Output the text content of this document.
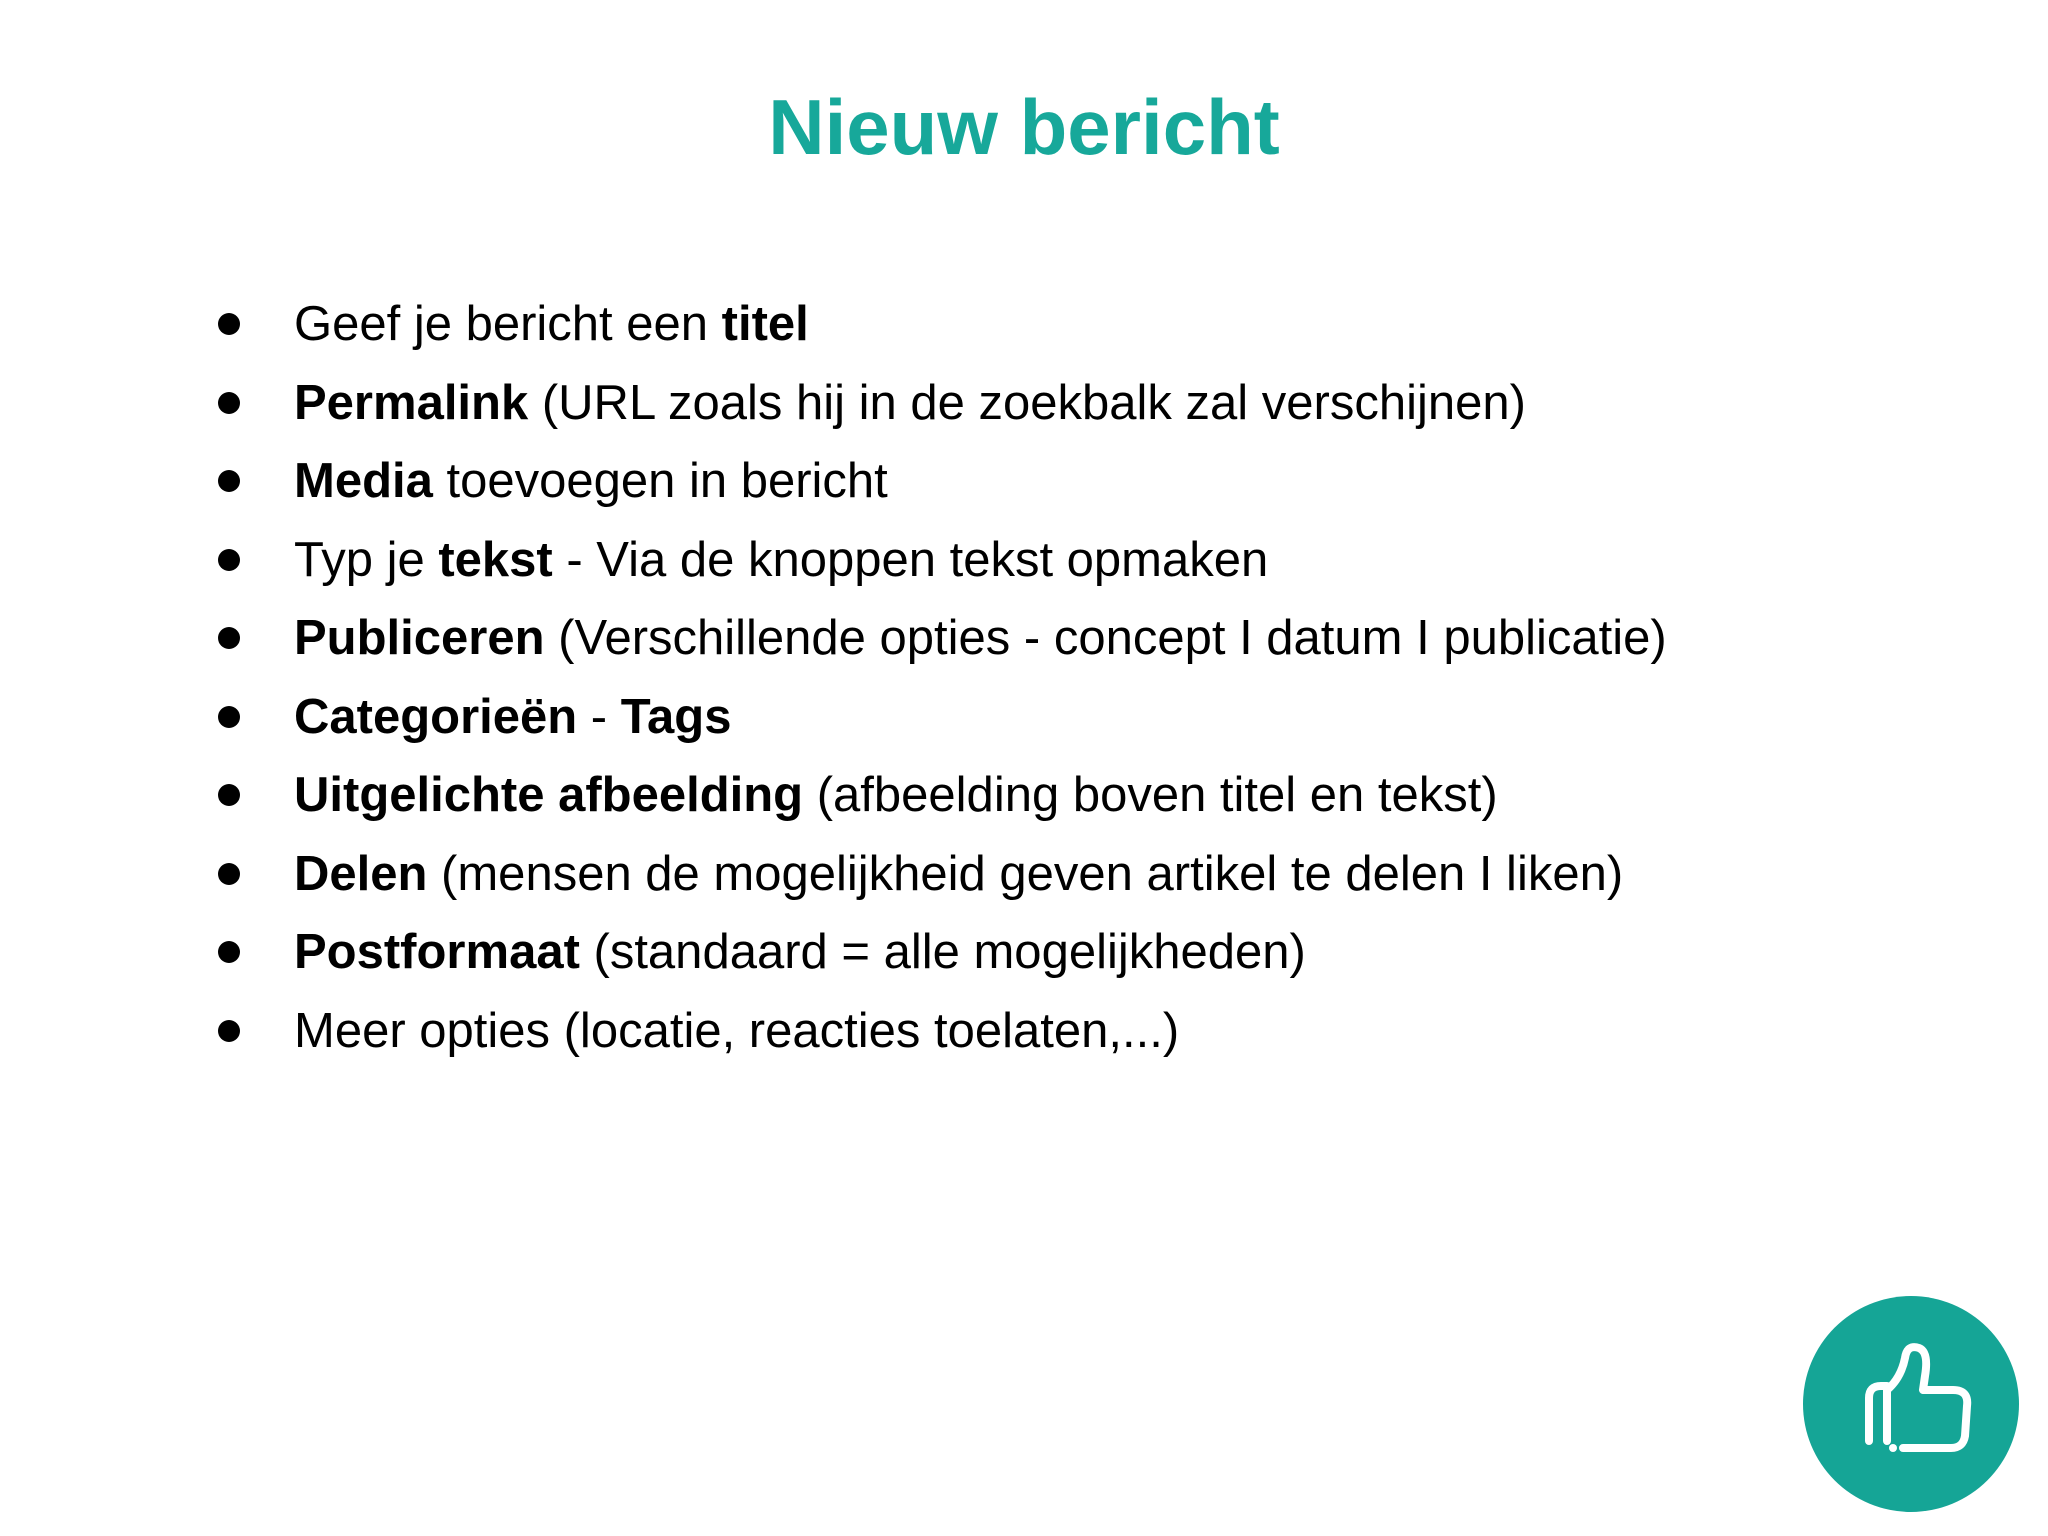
Nieuw bericht
Geef je bericht een titel
Permalink (URL zoals hij in de zoekbalk zal verschijnen)
Media toevoegen in bericht
Typ je tekst - Via de knoppen tekst opmaken
Publiceren (Verschillende opties - concept I datum I publicatie)
Categorieën - Tags
Uitgelichte afbeelding (afbeelding boven titel en tekst)
Delen (mensen de mogelijkheid geven artikel te delen I liken)
Postformaat (standaard = alle mogelijkheden)
Meer opties (locatie, reacties toelaten,...)
